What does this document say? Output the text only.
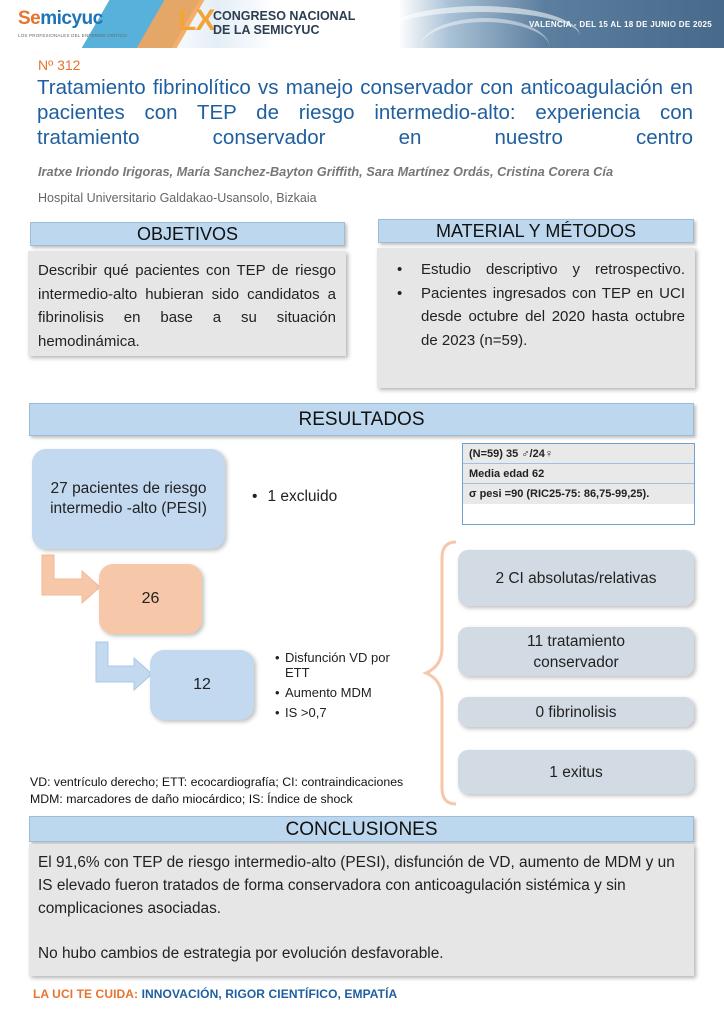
Semicyuc
LOS PROFESIONALES DEL ENFERMO CRÍTICO LX
CONGRESO NACIONAL
DE LA SEMICYUC	VALENCIA - DEL 15 AL 18 DE JUNIO DE 2025
Nº 312
Tratamiento fibrinolítico vs manejo conservador con anticoagulación en pacientes con TEP de riesgo intermedio-alto: experiencia con tratamiento conservador en nuestro centro
Iratxe Iriondo Irigoras, María Sanchez-Bayton Griffith, Sara Martínez Ordás, Cristina Corera Cía
Hospital Universitario Galdakao-Usansolo, Bizkaia
OBJETIVOS
Describir qué pacientes con TEP de riesgo intermedio-alto hubieran sido candidatos a fibrinolisis en base a su situación hemodinámica.
MATERIAL Y MÉTODOS
• Estudio descriptivo y retrospectivo.
• Pacientes ingresados con TEP en UCI desde octubre del 2020 hasta octubre de 2023 (n=59).
RESULTADOS
(N=59) 35 ♂/24♀
Media edad 62
σ pesi =90 (RIC25-75: 86,75-99,25).
27 pacientes de riesgo intermedio -alto (PESI)
• 1 excluido
26
12
• Disfunción VD por ETT
• Aumento MDM
• IS >0,7
2 CI absolutas/relativas
11 tratamiento conservador
0 fibrinolisis
1 exitus
VD: ventrículo derecho; ETT: ecocardiografía; CI: contraindicaciones
MDM: marcadores de daño miocárdico; IS: Índice de shock
CONCLUSIONES

El 91,6% con TEP de riesgo intermedio-alto (PESI), disfunción de VD, aumento de MDM y un IS elevado fueron tratados de forma conservadora con anticoagulación sistémica y sin complicaciones asociadas.

No hubo cambios de estrategia por evolución desfavorable.

LA UCI TE CUIDA: INNOVACIÓN, RIGOR CIENTÍFICO, EMPATÍA
